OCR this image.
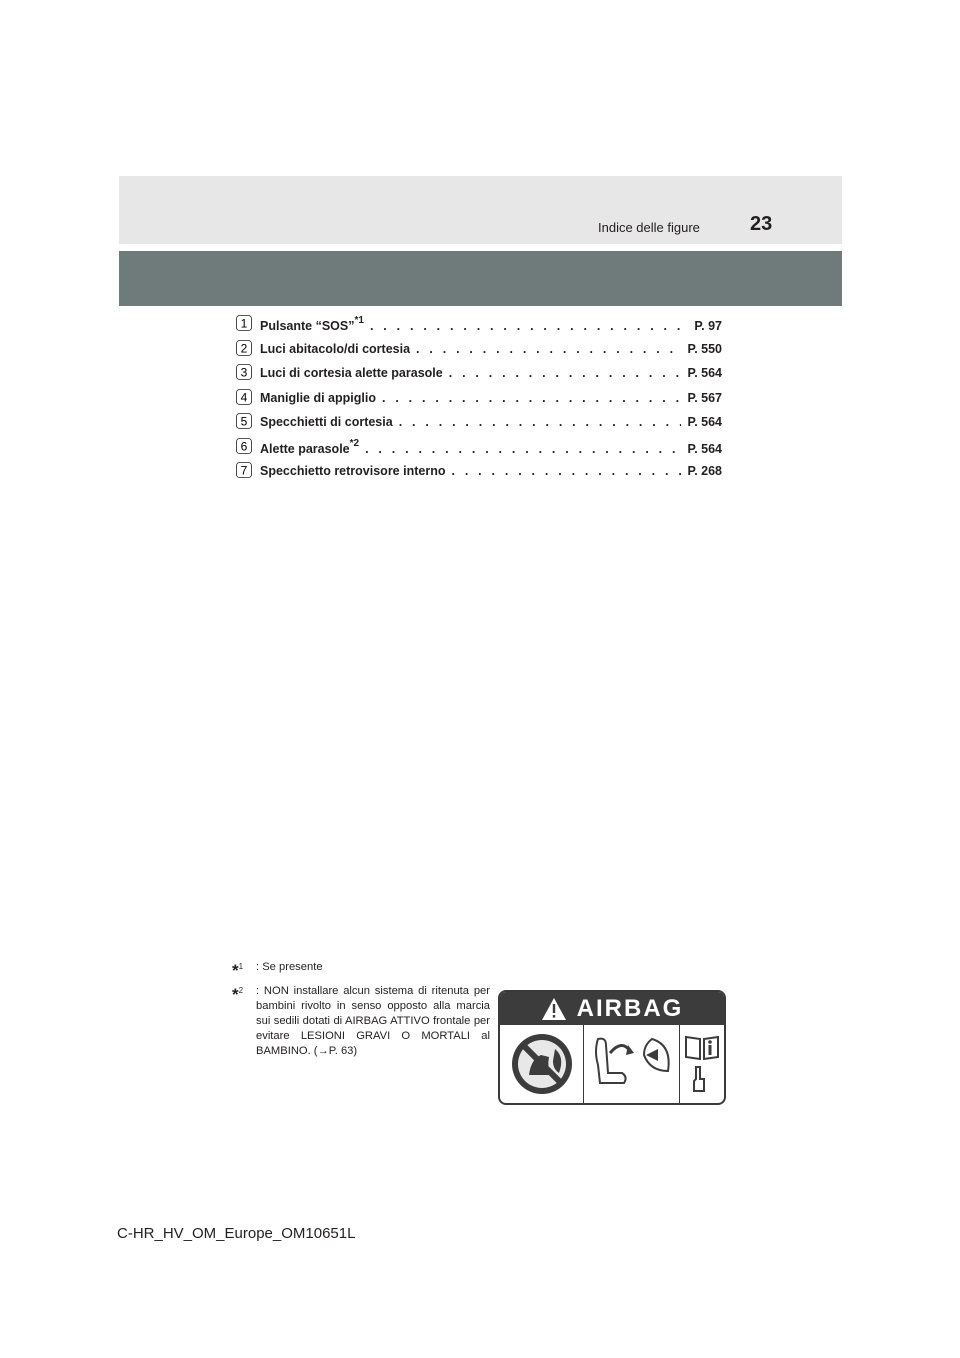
Indice delle figure	23
1 Pulsante “SOS”$^{*1}$ . . .	P. 97
2 Luci abitacolo/di cortesia . . .	P. 550
3 Luci di cortesia alette parasole . . .	P. 564
4 Maniglie di appiglio . . .	P. 567
5 Specchietti di cortesia . . .	P. 564
6 Alette parasole$^{*2}$ . . .	P. 564
7 Specchietto retrovisore interno . . .	P. 268
*$^1$	: Se presente
*$^2$	: NON installare alcun sistema di ritenuta per bambini rivolto in senso opposto alla marcia sui sedili dotati di AIRBAG ATTIVO frontale per evitare LESIONI GRAVI O MORTALI al BAMBINO. (→P. 63)
AIRBAG
C-HR_HV_OM_Europe_OM10651L
